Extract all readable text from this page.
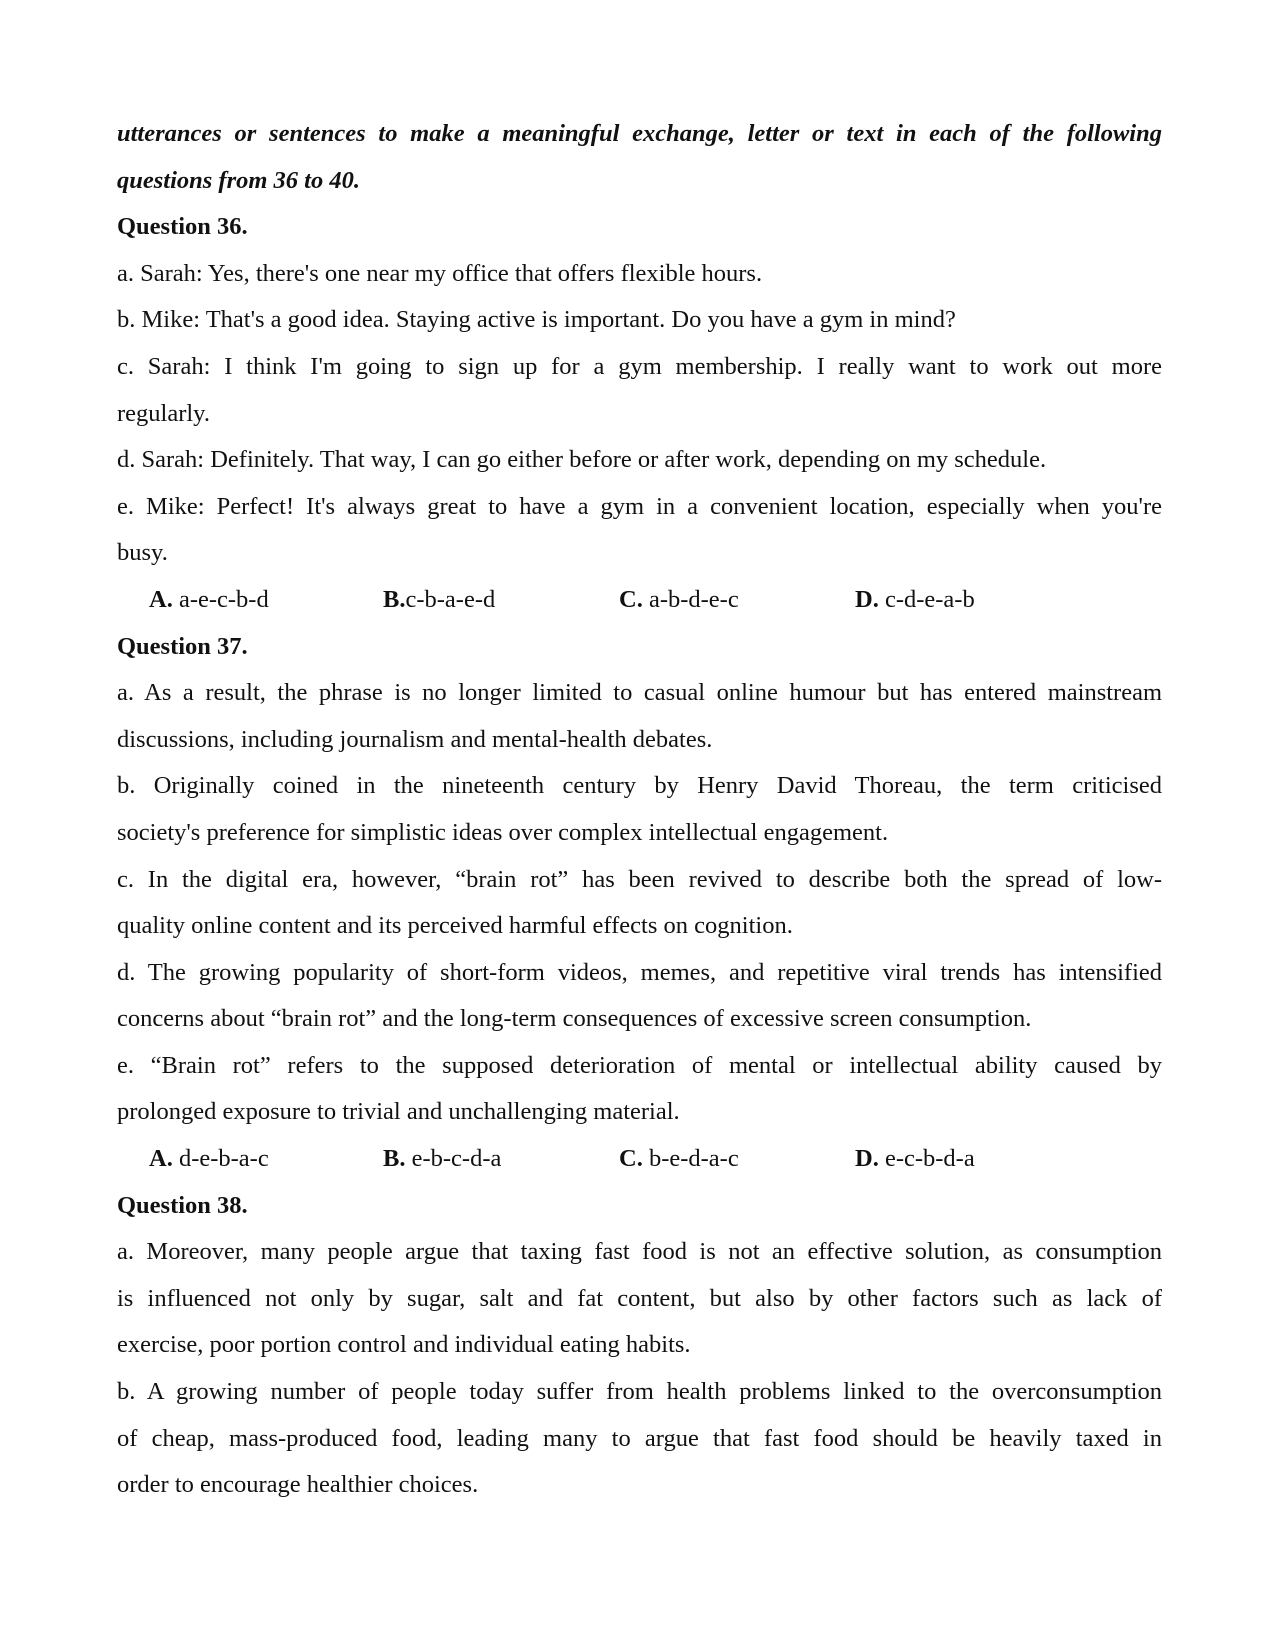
utterances or sentences to make a meaningful exchange, letter or text in each of the following
questions from 36 to 40.
Question 36.
a. Sarah: Yes, there's one near my office that offers flexible hours.
b. Mike: That's a good idea. Staying active is important. Do you have a gym in mind?
c. Sarah: I think I'm going to sign up for a gym membership. I really want to work out more
regularly.
d. Sarah: Definitely. That way, I can go either before or after work, depending on my schedule.
e. Mike: Perfect! It's always great to have a gym in a convenient location, especially when you're
busy.
A. a-e-c-b-d	B.c-b-a-e-d	C. a-b-d-e-c	D. c-d-e-a-b
Question 37.
a. As a result, the phrase is no longer limited to casual online humour but has entered mainstream
discussions, including journalism and mental-health debates.
b. Originally coined in the nineteenth century by Henry David Thoreau, the term criticised
society's preference for simplistic ideas over complex intellectual engagement.
c. In the digital era, however, “brain rot” has been revived to describe both the spread of low-
quality online content and its perceived harmful effects on cognition.
d. The growing popularity of short-form videos, memes, and repetitive viral trends has intensified
concerns about “brain rot” and the long-term consequences of excessive screen consumption.
e. “Brain rot” refers to the supposed deterioration of mental or intellectual ability caused by
prolonged exposure to trivial and unchallenging material.
A. d-e-b-a-c	B. e-b-c-d-a	C. b-e-d-a-c	D. e-c-b-d-a
Question 38.
a. Moreover, many people argue that taxing fast food is not an effective solution, as consumption
is influenced not only by sugar, salt and fat content, but also by other factors such as lack of
exercise, poor portion control and individual eating habits.
b. A growing number of people today suffer from health problems linked to the overconsumption
of cheap, mass-produced food, leading many to argue that fast food should be heavily taxed in
order to encourage healthier choices.
